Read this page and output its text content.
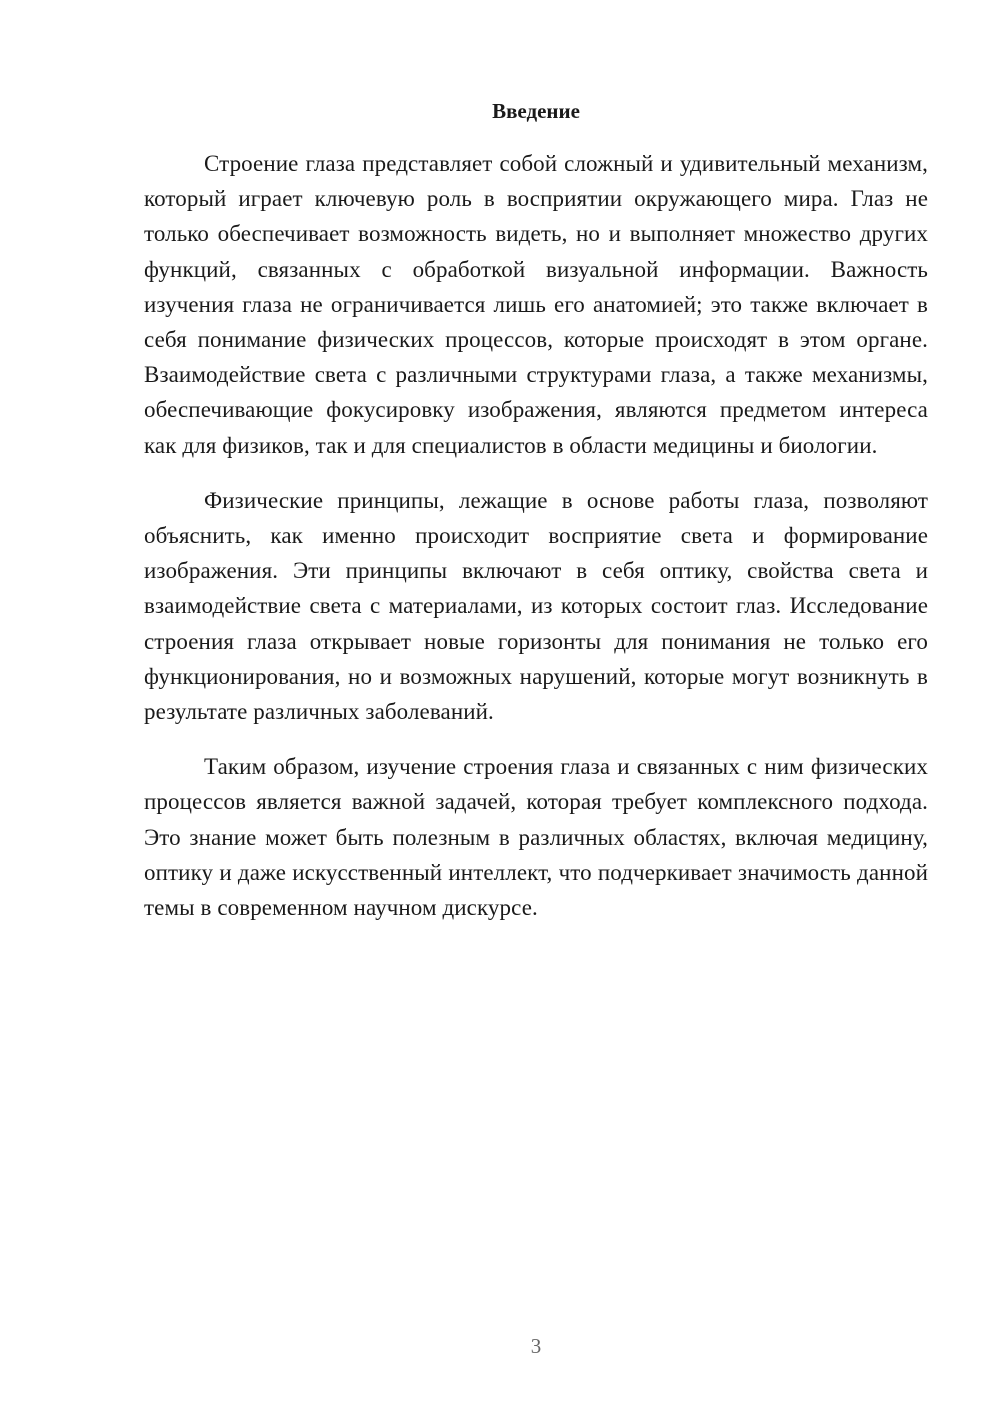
Введение

Строение глаза представляет собой сложный и удивительный механизм, который играет ключевую роль в восприятии окружающего мира. Глаз не только обеспечивает возможность видеть, но и выполняет множество других функций, связанных с обработкой визуальной информации. Важность изучения глаза не ограничивается лишь его анатомией; это также включает в себя понимание физических процессов, которые происходят в этом органе. Взаимодействие света с различными структурами глаза, а также механизмы, обеспечивающие фокусировку изображения, являются предметом интереса как для физиков, так и для специалистов в области медицины и биологии.

Физические принципы, лежащие в основе работы глаза, позволяют объяснить, как именно происходит восприятие света и формирование изображения. Эти принципы включают в себя оптику, свойства света и взаимодействие света с материалами, из которых состоит глаз. Исследование строения глаза открывает новые горизонты для понимания не только его функционирования, но и возможных нарушений, которые могут возникнуть в результате различных заболеваний.

Таким образом, изучение строения глаза и связанных с ним физических процессов является важной задачей, которая требует комплексного подхода. Это знание может быть полезным в различных областях, включая медицину, оптику и даже искусственный интеллект, что подчеркивает значимость данной темы в современном научном дискурсе.

3
